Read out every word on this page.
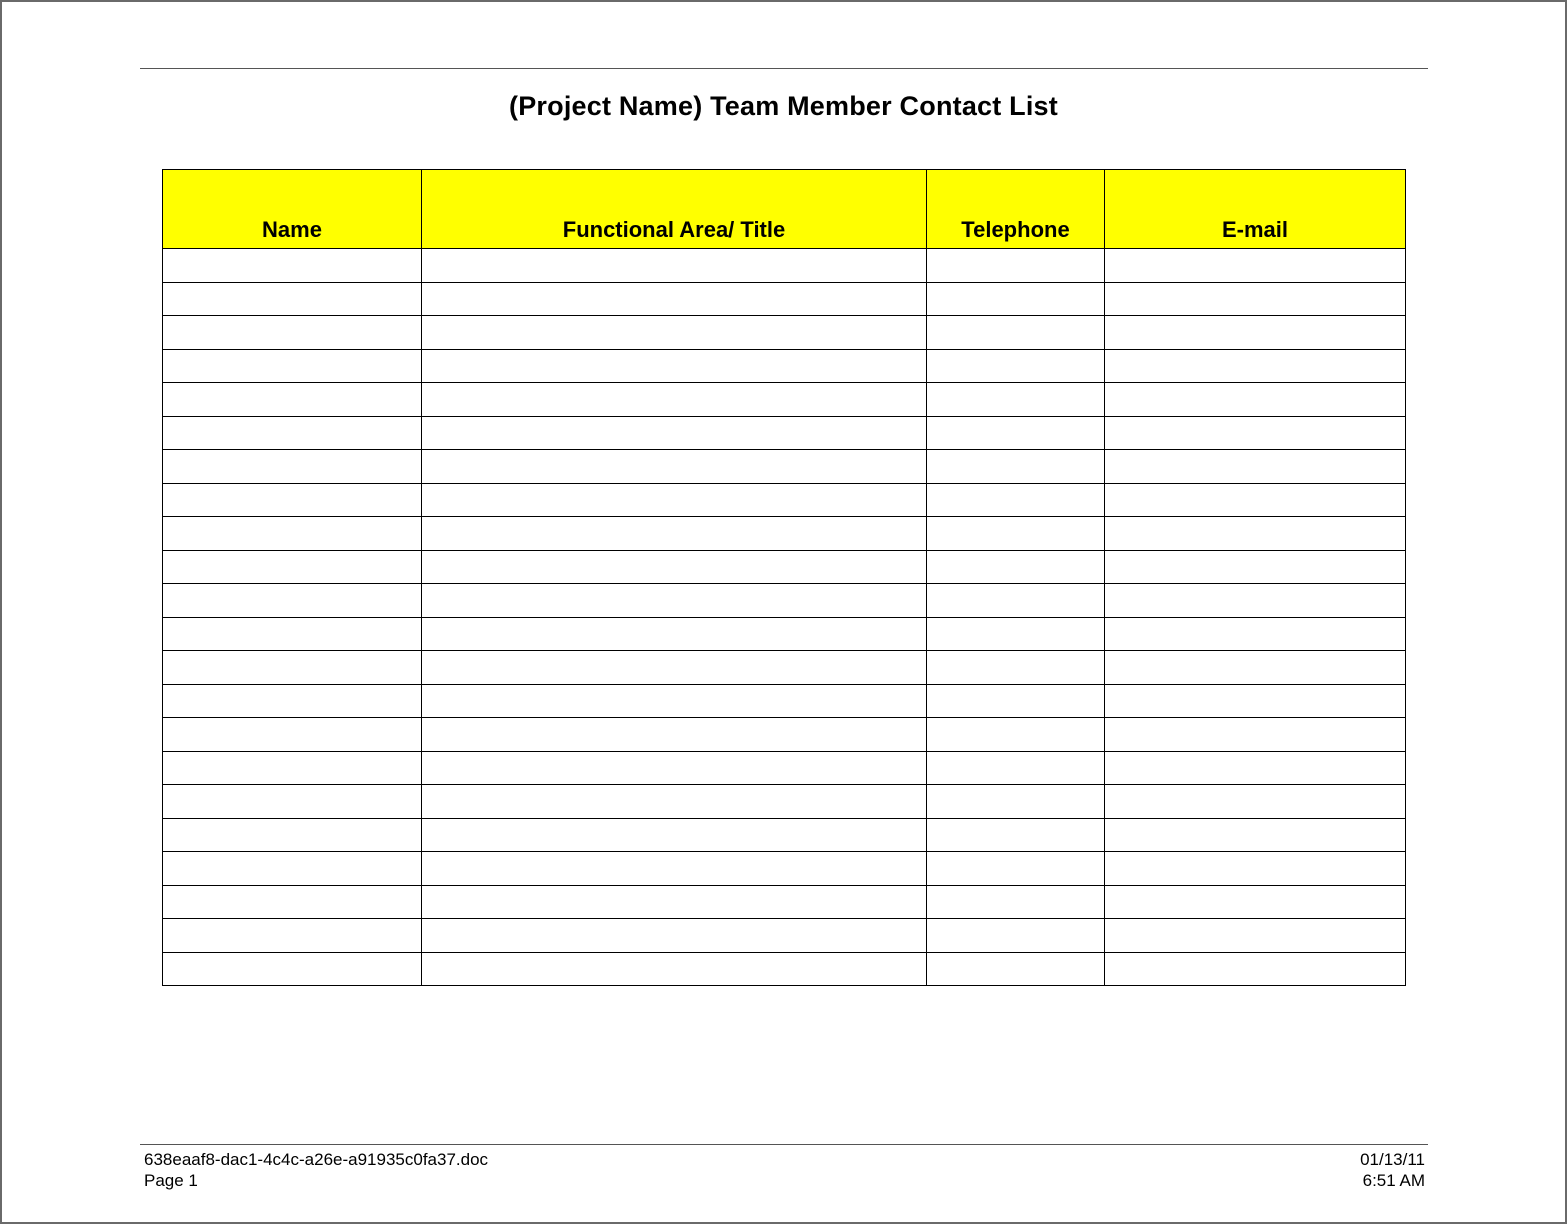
(Project Name) Team Member Contact List
Name	Functional Area/ Title	Telephone	E-mail

638eaaf8-dac1-4c4c-a26e-a91935c0fa37.doc
Page 1
01/13/11
6:51 AM
